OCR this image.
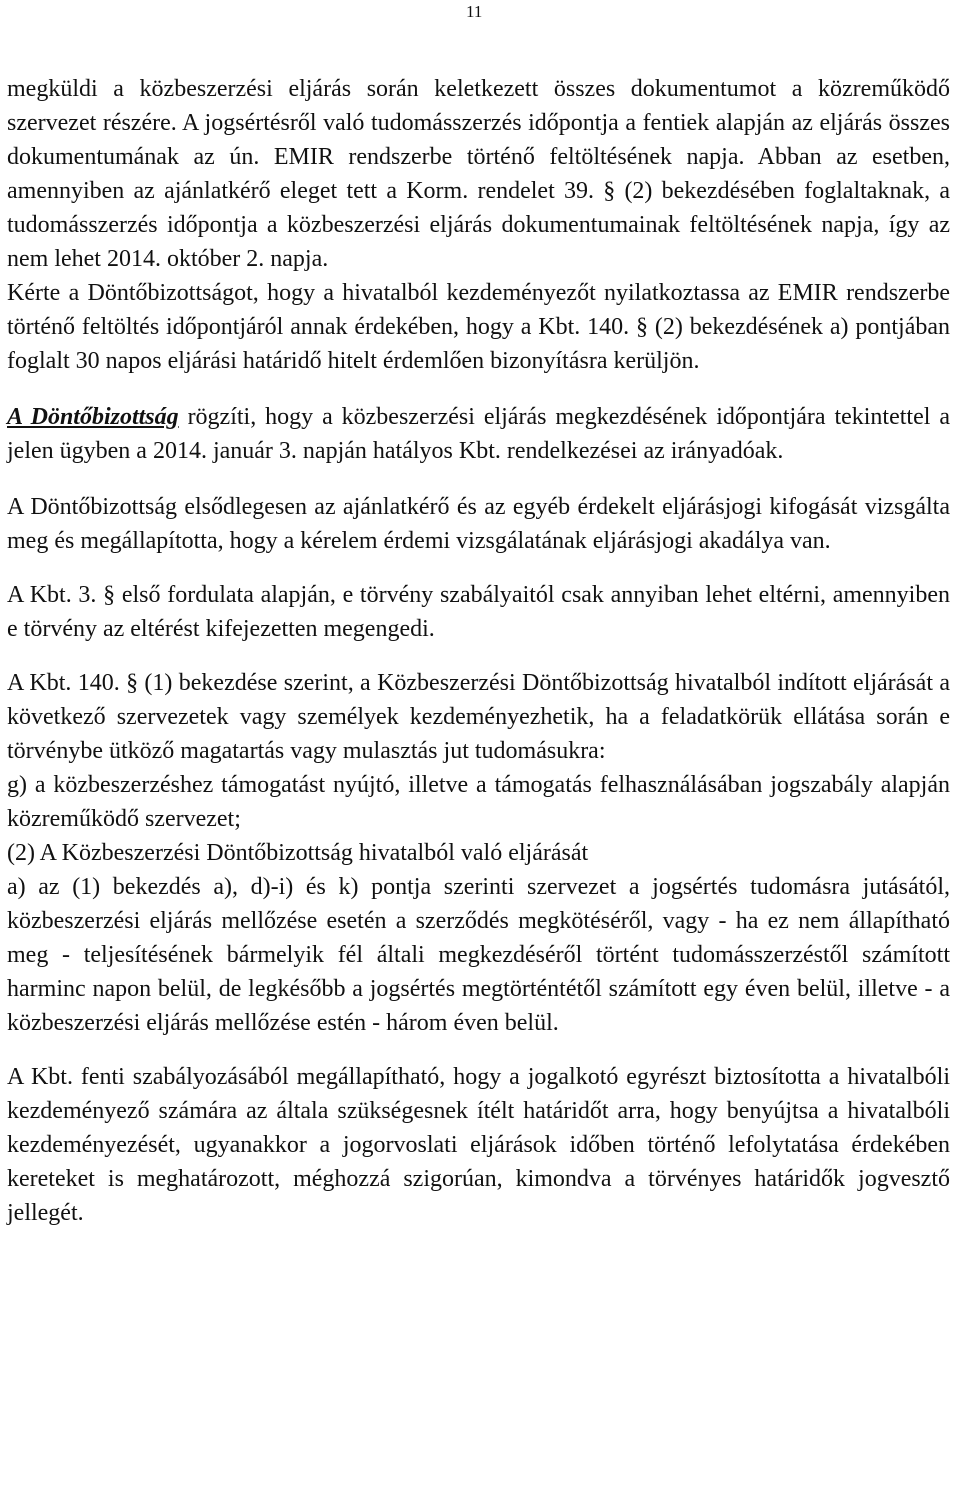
11

megküldi a közbeszerzési eljárás során keletkezett összes dokumentumot a közreműködő szervezet részére. A jogsértésről való tudomásszerzés időpontja a fentiek alapján az eljárás összes dokumentumának az ún. EMIR rendszerbe történő feltöltésének napja. Abban az esetben, amennyiben az ajánlatkérő eleget tett a Korm. rendelet 39. § (2) bekezdésében foglaltaknak, a tudomásszerzés időpontja a közbeszerzési eljárás dokumentumainak feltöltésének napja, így az nem lehet 2014. október 2. napja.

Kérte a Döntőbizottságot, hogy a hivatalból kezdeményezőt nyilatkoztassa az EMIR rendszerbe történő feltöltés időpontjáról annak érdekében, hogy a Kbt. 140. § (2) bekezdésének a) pontjában foglalt 30 napos eljárási határidő hitelt érdemlően bizonyításra kerüljön.

A Döntőbizottság rögzíti, hogy a közbeszerzési eljárás megkezdésének időpontjára tekintettel a jelen ügyben a 2014. január 3. napján hatályos Kbt. rendelkezései az irányadóak.

A Döntőbizottság elsődlegesen az ajánlatkérő és az egyéb érdekelt eljárásjogi kifogását vizsgálta meg és megállapította, hogy a kérelem érdemi vizsgálatának eljárásjogi akadálya van.

A Kbt. 3. § első fordulata alapján, e törvény szabályaitól csak annyiban lehet eltérni, amennyiben e törvény az eltérést kifejezetten megengedi.

A Kbt. 140. § (1) bekezdése szerint, a Közbeszerzési Döntőbizottság hivatalból indított eljárását a következő szervezetek vagy személyek kezdeményezhetik, ha a feladatkörük ellátása során e törvénybe ütköző magatartás vagy mulasztás jut tudomásukra:

g) a közbeszerzéshez támogatást nyújtó, illetve a támogatás felhasználásában jogszabály alapján közreműködő szervezet;

(2) A Közbeszerzési Döntőbizottság hivatalból való eljárását

a) az (1) bekezdés a), d)-i) és k) pontja szerinti szervezet a jogsértés tudomásra jutásától, közbeszerzési eljárás mellőzése esetén a szerződés megkötéséről, vagy - ha ez nem állapítható meg - teljesítésének bármelyik fél általi megkezdéséről történt tudomásszerzéstől számított harminc napon belül, de legkésőbb a jogsértés megtörténtétől számított egy éven belül, illetve - a közbeszerzési eljárás mellőzése estén - három éven belül.

A Kbt. fenti szabályozásából megállapítható, hogy a jogalkotó egyrészt biztosította a hivatalbóli kezdeményező számára az általa szükségesnek ítélt határidőt arra, hogy benyújtsa a hivatalbóli kezdeményezését, ugyanakkor a jogorvoslati eljárások időben történő lefolytatása érdekében kereteket is meghatározott, méghozzá szigorúan, kimondva a törvényes határidők jogvesztő jellegét.
